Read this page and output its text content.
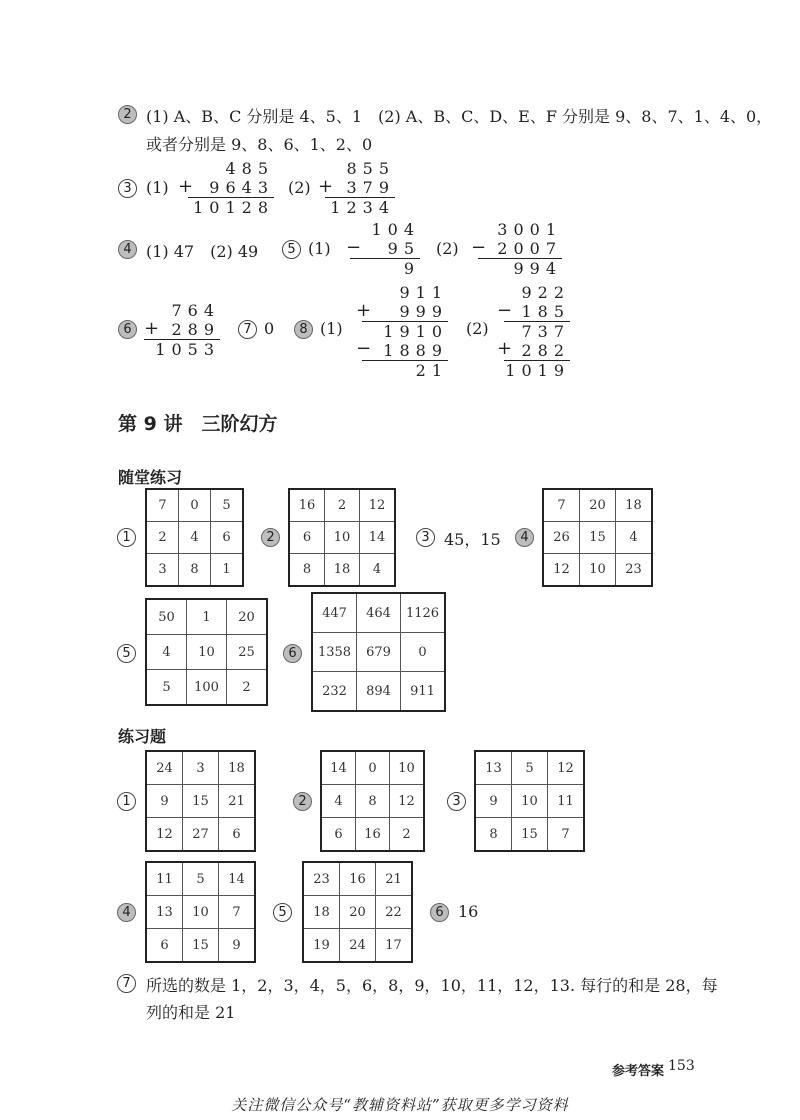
2 (1) A、B、C 分别是 4、5、1　(2) A、B、C、D、E、F 分别是 9、8、7、1、4、0，
或者分别是 9、8、6、1、2、0
3 (1)
485
9643
10128
+	(2)
855
379
1234
+
4 (1) 47　(2) 49	5 (1)
104
95
9
−	(2)
3001
2007
994
−
6
764
289
1053
+	7 0	8 (1)
911
999
1910
1889
21
+
−
(2)
922
185
737
282
1019
−
+
第 9 讲　三阶幻方
随堂练习
1
7	0	5
2	4	6
3	8	1
2
16	2	12
6	10	14
8	18	4
3 45，15	4
7	20	18
26	15	4
12	10	23
5
50	1	20
4	10	25
5	100	2
6
447	464	1126
1358	679	0
232	894	911
练习题
1
24	3	18
9	15	21
12	27	6
2
14	0	10
4	8	12
6	16	2
3
13	5	12
9	10	11
8	15	7
4
11	5	14
13	10	7
6	15	9
5
23	16	21
18	20	22
19	24	17
6 16
7 所选的数是 1，2，3，4，5，6，8，9，10，11，12，13. 每行的和是 28，每
列的和是 21
参考答案 153
关注微信公众号“教辅资料站”获取更多学习资料
